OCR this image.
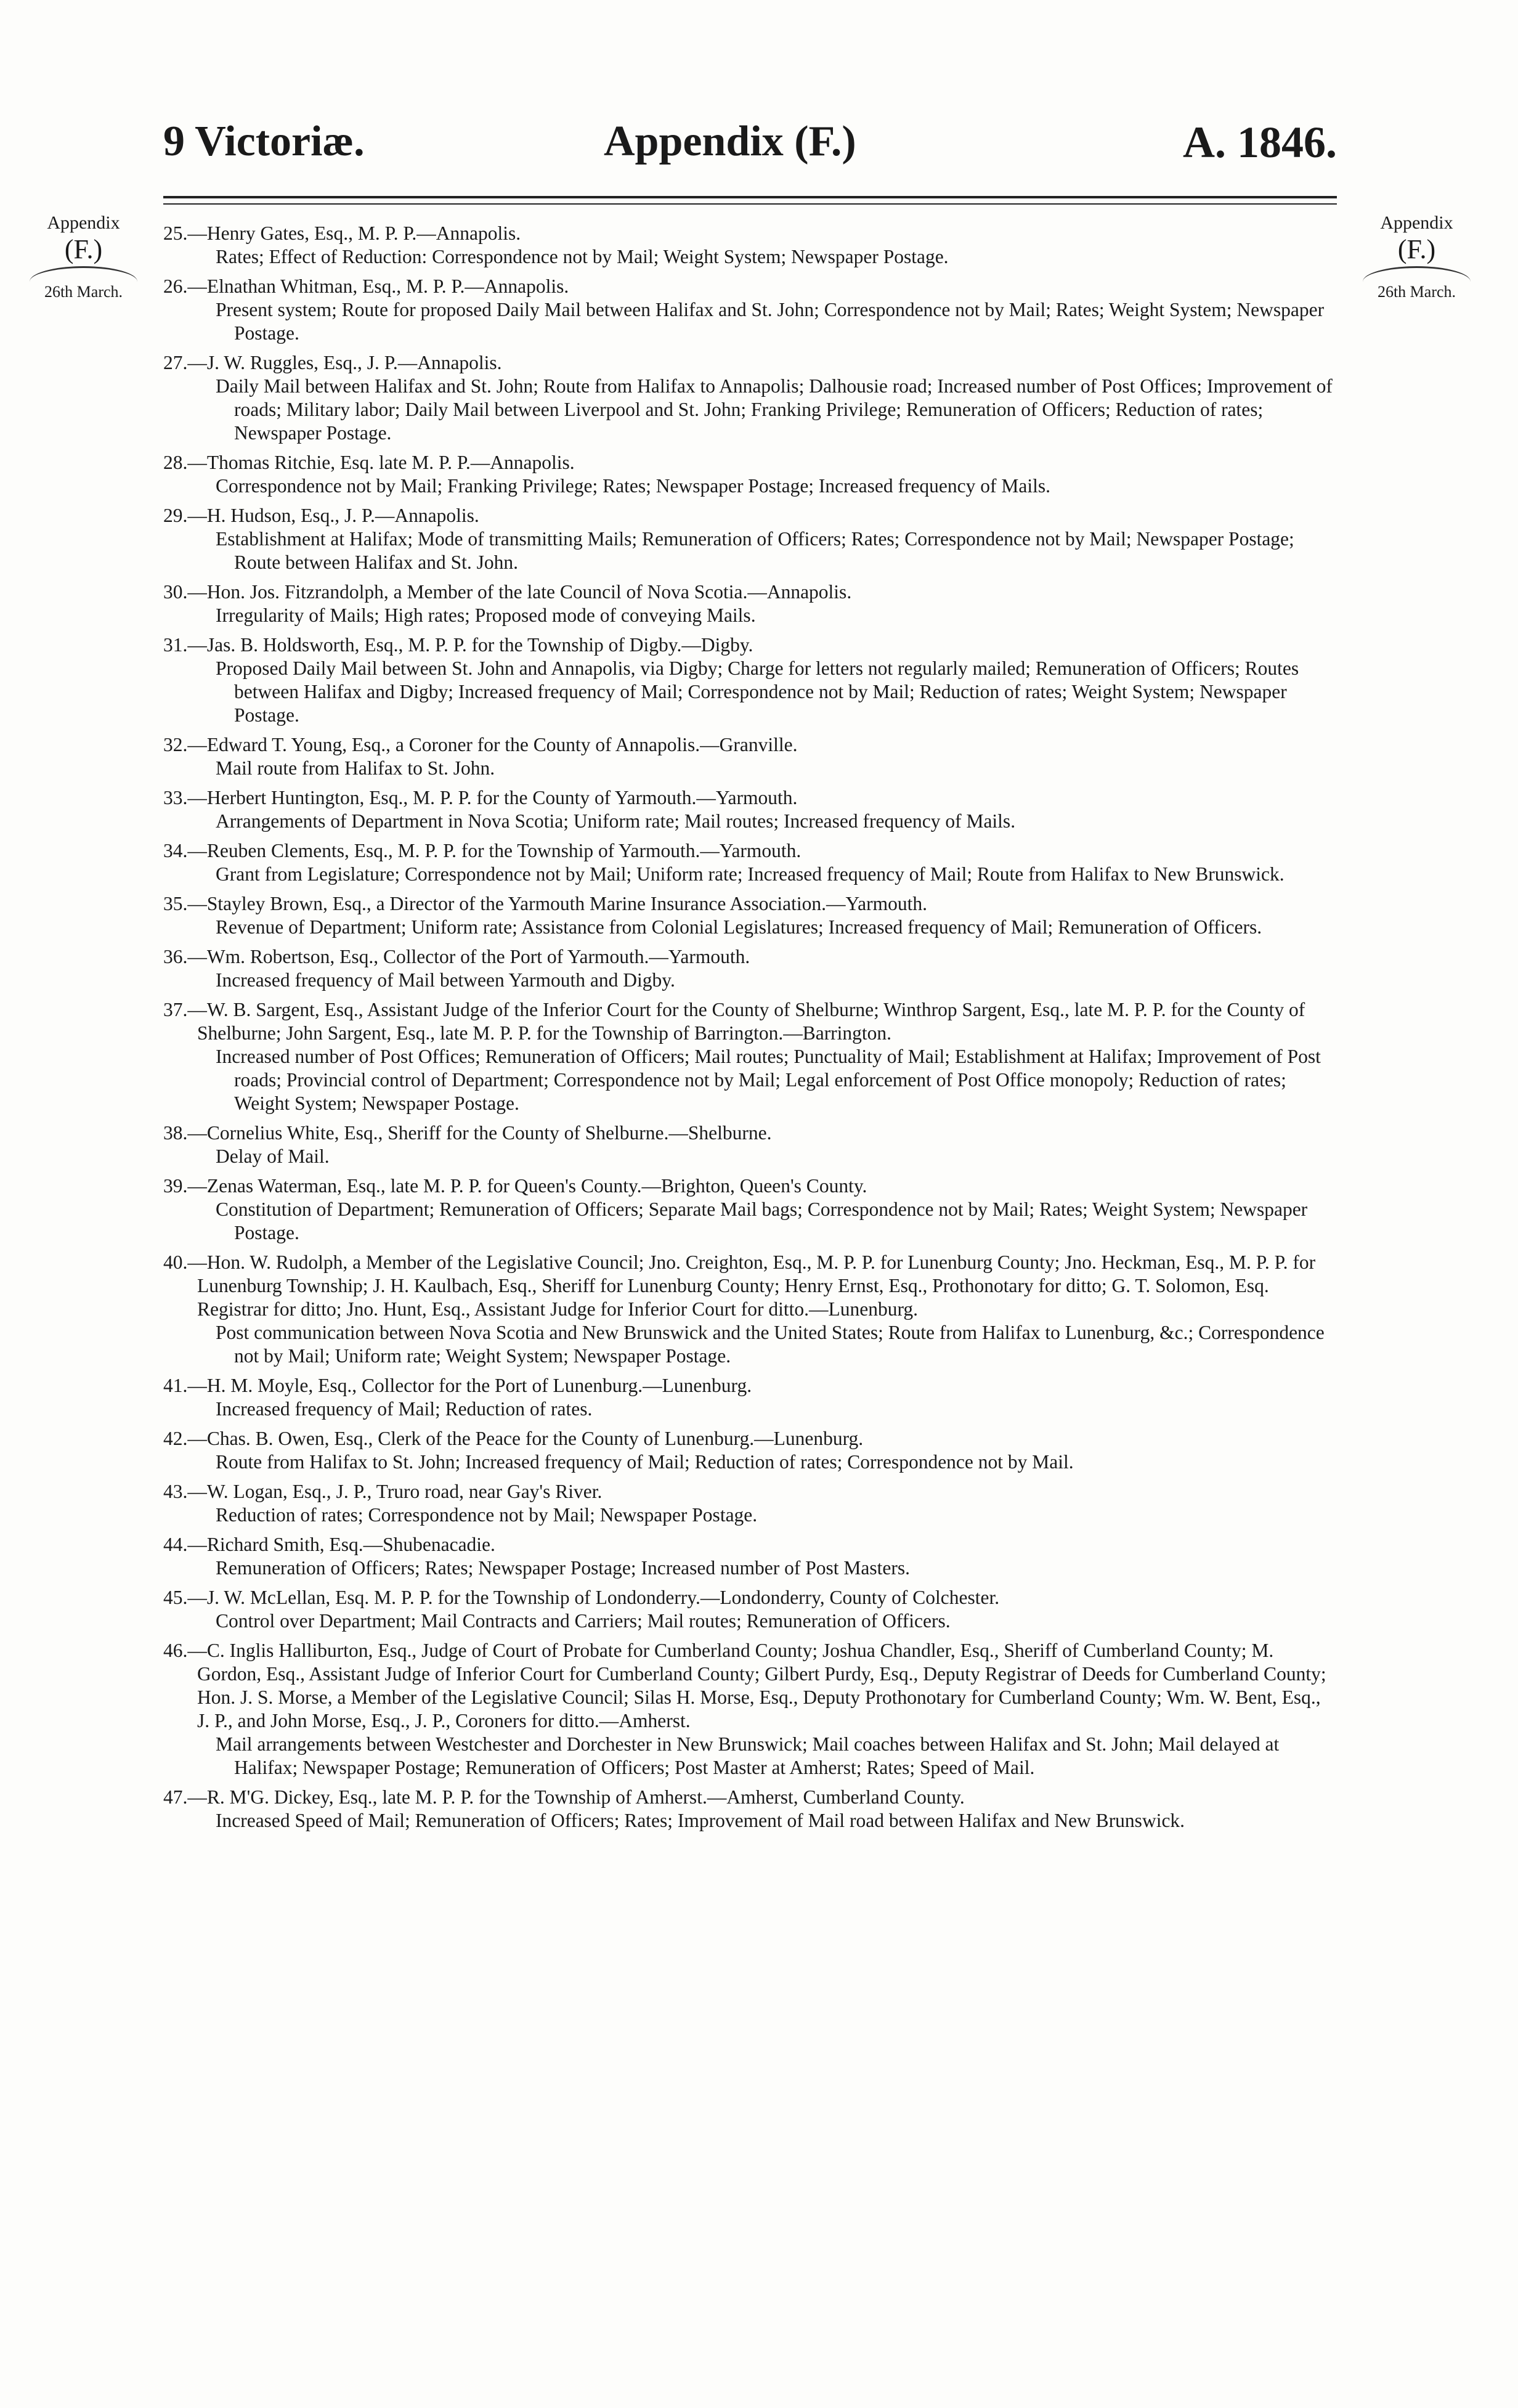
9 Victoriæ.	Appendix (F.)	A. 1846.
Appendix
(F.)
26th March.
Appendix
(F.)
26th March.
25.—Henry Gates, Esq., M. P. P.—Annapolis.
Rates; Effect of Reduction: Correspondence not by Mail; Weight System; Newspaper Postage.
26.—Elnathan Whitman, Esq., M. P. P.—Annapolis.
Present system; Route for proposed Daily Mail between Halifax and St. John; Correspondence not by Mail; Rates; Weight System; Newspaper Postage.
27.—J. W. Ruggles, Esq., J. P.—Annapolis.
Daily Mail between Halifax and St. John; Route from Halifax to Annapolis; Dalhousie road; Increased number of Post Offices; Improvement of roads; Military labor; Daily Mail between Liverpool and St. John; Franking Privilege; Remuneration of Officers; Reduction of rates; Newspaper Postage.
28.—Thomas Ritchie, Esq. late M. P. P.—Annapolis.
Correspondence not by Mail; Franking Privilege; Rates; Newspaper Postage; Increased frequency of Mails.
29.—H. Hudson, Esq., J. P.—Annapolis.
Establishment at Halifax; Mode of transmitting Mails; Remuneration of Officers; Rates; Correspondence not by Mail; Newspaper Postage; Route between Halifax and St. John.
30.—Hon. Jos. Fitzrandolph, a Member of the late Council of Nova Scotia.—Annapolis.
Irregularity of Mails; High rates; Proposed mode of conveying Mails.
31.—Jas. B. Holdsworth, Esq., M. P. P. for the Township of Digby.—Digby.
Proposed Daily Mail between St. John and Annapolis, via Digby; Charge for letters not regularly mailed; Remuneration of Officers; Routes between Halifax and Digby; Increased frequency of Mail; Correspondence not by Mail; Reduction of rates; Weight System; Newspaper Postage.
32.—Edward T. Young, Esq., a Coroner for the County of Annapolis.—Granville.
Mail route from Halifax to St. John.
33.—Herbert Huntington, Esq., M. P. P. for the County of Yarmouth.—Yarmouth.
Arrangements of Department in Nova Scotia; Uniform rate; Mail routes; Increased frequency of Mails.
34.—Reuben Clements, Esq., M. P. P. for the Township of Yarmouth.—Yarmouth.
Grant from Legislature; Correspondence not by Mail; Uniform rate; Increased frequency of Mail; Route from Halifax to New Brunswick.
35.—Stayley Brown, Esq., a Director of the Yarmouth Marine Insurance Association.—Yarmouth.
Revenue of Department; Uniform rate; Assistance from Colonial Legislatures; Increased frequency of Mail; Remuneration of Officers.
36.—Wm. Robertson, Esq., Collector of the Port of Yarmouth.—Yarmouth.
Increased frequency of Mail between Yarmouth and Digby.
37.—W. B. Sargent, Esq., Assistant Judge of the Inferior Court for the County of Shelburne; Winthrop Sargent, Esq., late M. P. P. for the County of Shelburne; John Sargent, Esq., late M. P. P. for the Township of Barrington.—Barrington.
Increased number of Post Offices; Remuneration of Officers; Mail routes; Punctuality of Mail; Establishment at Halifax; Improvement of Post roads; Provincial control of Department; Correspondence not by Mail; Legal enforcement of Post Office monopoly; Reduction of rates; Weight System; Newspaper Postage.
38.—Cornelius White, Esq., Sheriff for the County of Shelburne.—Shelburne.
Delay of Mail.
39.—Zenas Waterman, Esq., late M. P. P. for Queen's County.—Brighton, Queen's County.
Constitution of Department; Remuneration of Officers; Separate Mail bags; Correspondence not by Mail; Rates; Weight System; Newspaper Postage.
40.—Hon. W. Rudolph, a Member of the Legislative Council; Jno. Creighton, Esq., M. P. P. for Lunenburg County; Jno. Heckman, Esq., M. P. P. for Lunenburg Township; J. H. Kaulbach, Esq., Sheriff for Lunenburg County; Henry Ernst, Esq., Prothonotary for ditto; G. T. Solomon, Esq. Registrar for ditto; Jno. Hunt, Esq., Assistant Judge for Inferior Court for ditto.—Lunenburg.
Post communication between Nova Scotia and New Brunswick and the United States; Route from Halifax to Lunenburg, &c.; Correspondence not by Mail; Uniform rate; Weight System; Newspaper Postage.
41.—H. M. Moyle, Esq., Collector for the Port of Lunenburg.—Lunenburg.
Increased frequency of Mail; Reduction of rates.
42.—Chas. B. Owen, Esq., Clerk of the Peace for the County of Lunenburg.—Lunenburg.
Route from Halifax to St. John; Increased frequency of Mail; Reduction of rates; Correspondence not by Mail.
43.—W. Logan, Esq., J. P., Truro road, near Gay's River.
Reduction of rates; Correspondence not by Mail; Newspaper Postage.
44.—Richard Smith, Esq.—Shubenacadie.
Remuneration of Officers; Rates; Newspaper Postage; Increased number of Post Masters.
45.—J. W. McLellan, Esq. M. P. P. for the Township of Londonderry.—Londonderry, County of Colchester.
Control over Department; Mail Contracts and Carriers; Mail routes; Remuneration of Officers.
46.—C. Inglis Halliburton, Esq., Judge of Court of Probate for Cumberland County; Joshua Chandler, Esq., Sheriff of Cumberland County; M. Gordon, Esq., Assistant Judge of Inferior Court for Cumberland County; Gilbert Purdy, Esq., Deputy Registrar of Deeds for Cumberland County; Hon. J. S. Morse, a Member of the Legislative Council; Silas H. Morse, Esq., Deputy Prothonotary for Cumberland County; Wm. W. Bent, Esq., J. P., and John Morse, Esq., J. P., Coroners for ditto.—Amherst.
Mail arrangements between Westchester and Dorchester in New Brunswick; Mail coaches between Halifax and St. John; Mail delayed at Halifax; Newspaper Postage; Remuneration of Officers; Post Master at Amherst; Rates; Speed of Mail.
47.—R. M'G. Dickey, Esq., late M. P. P. for the Township of Amherst.—Amherst, Cumberland County.
Increased Speed of Mail; Remuneration of Officers; Rates; Improvement of Mail road between Halifax and New Brunswick.
